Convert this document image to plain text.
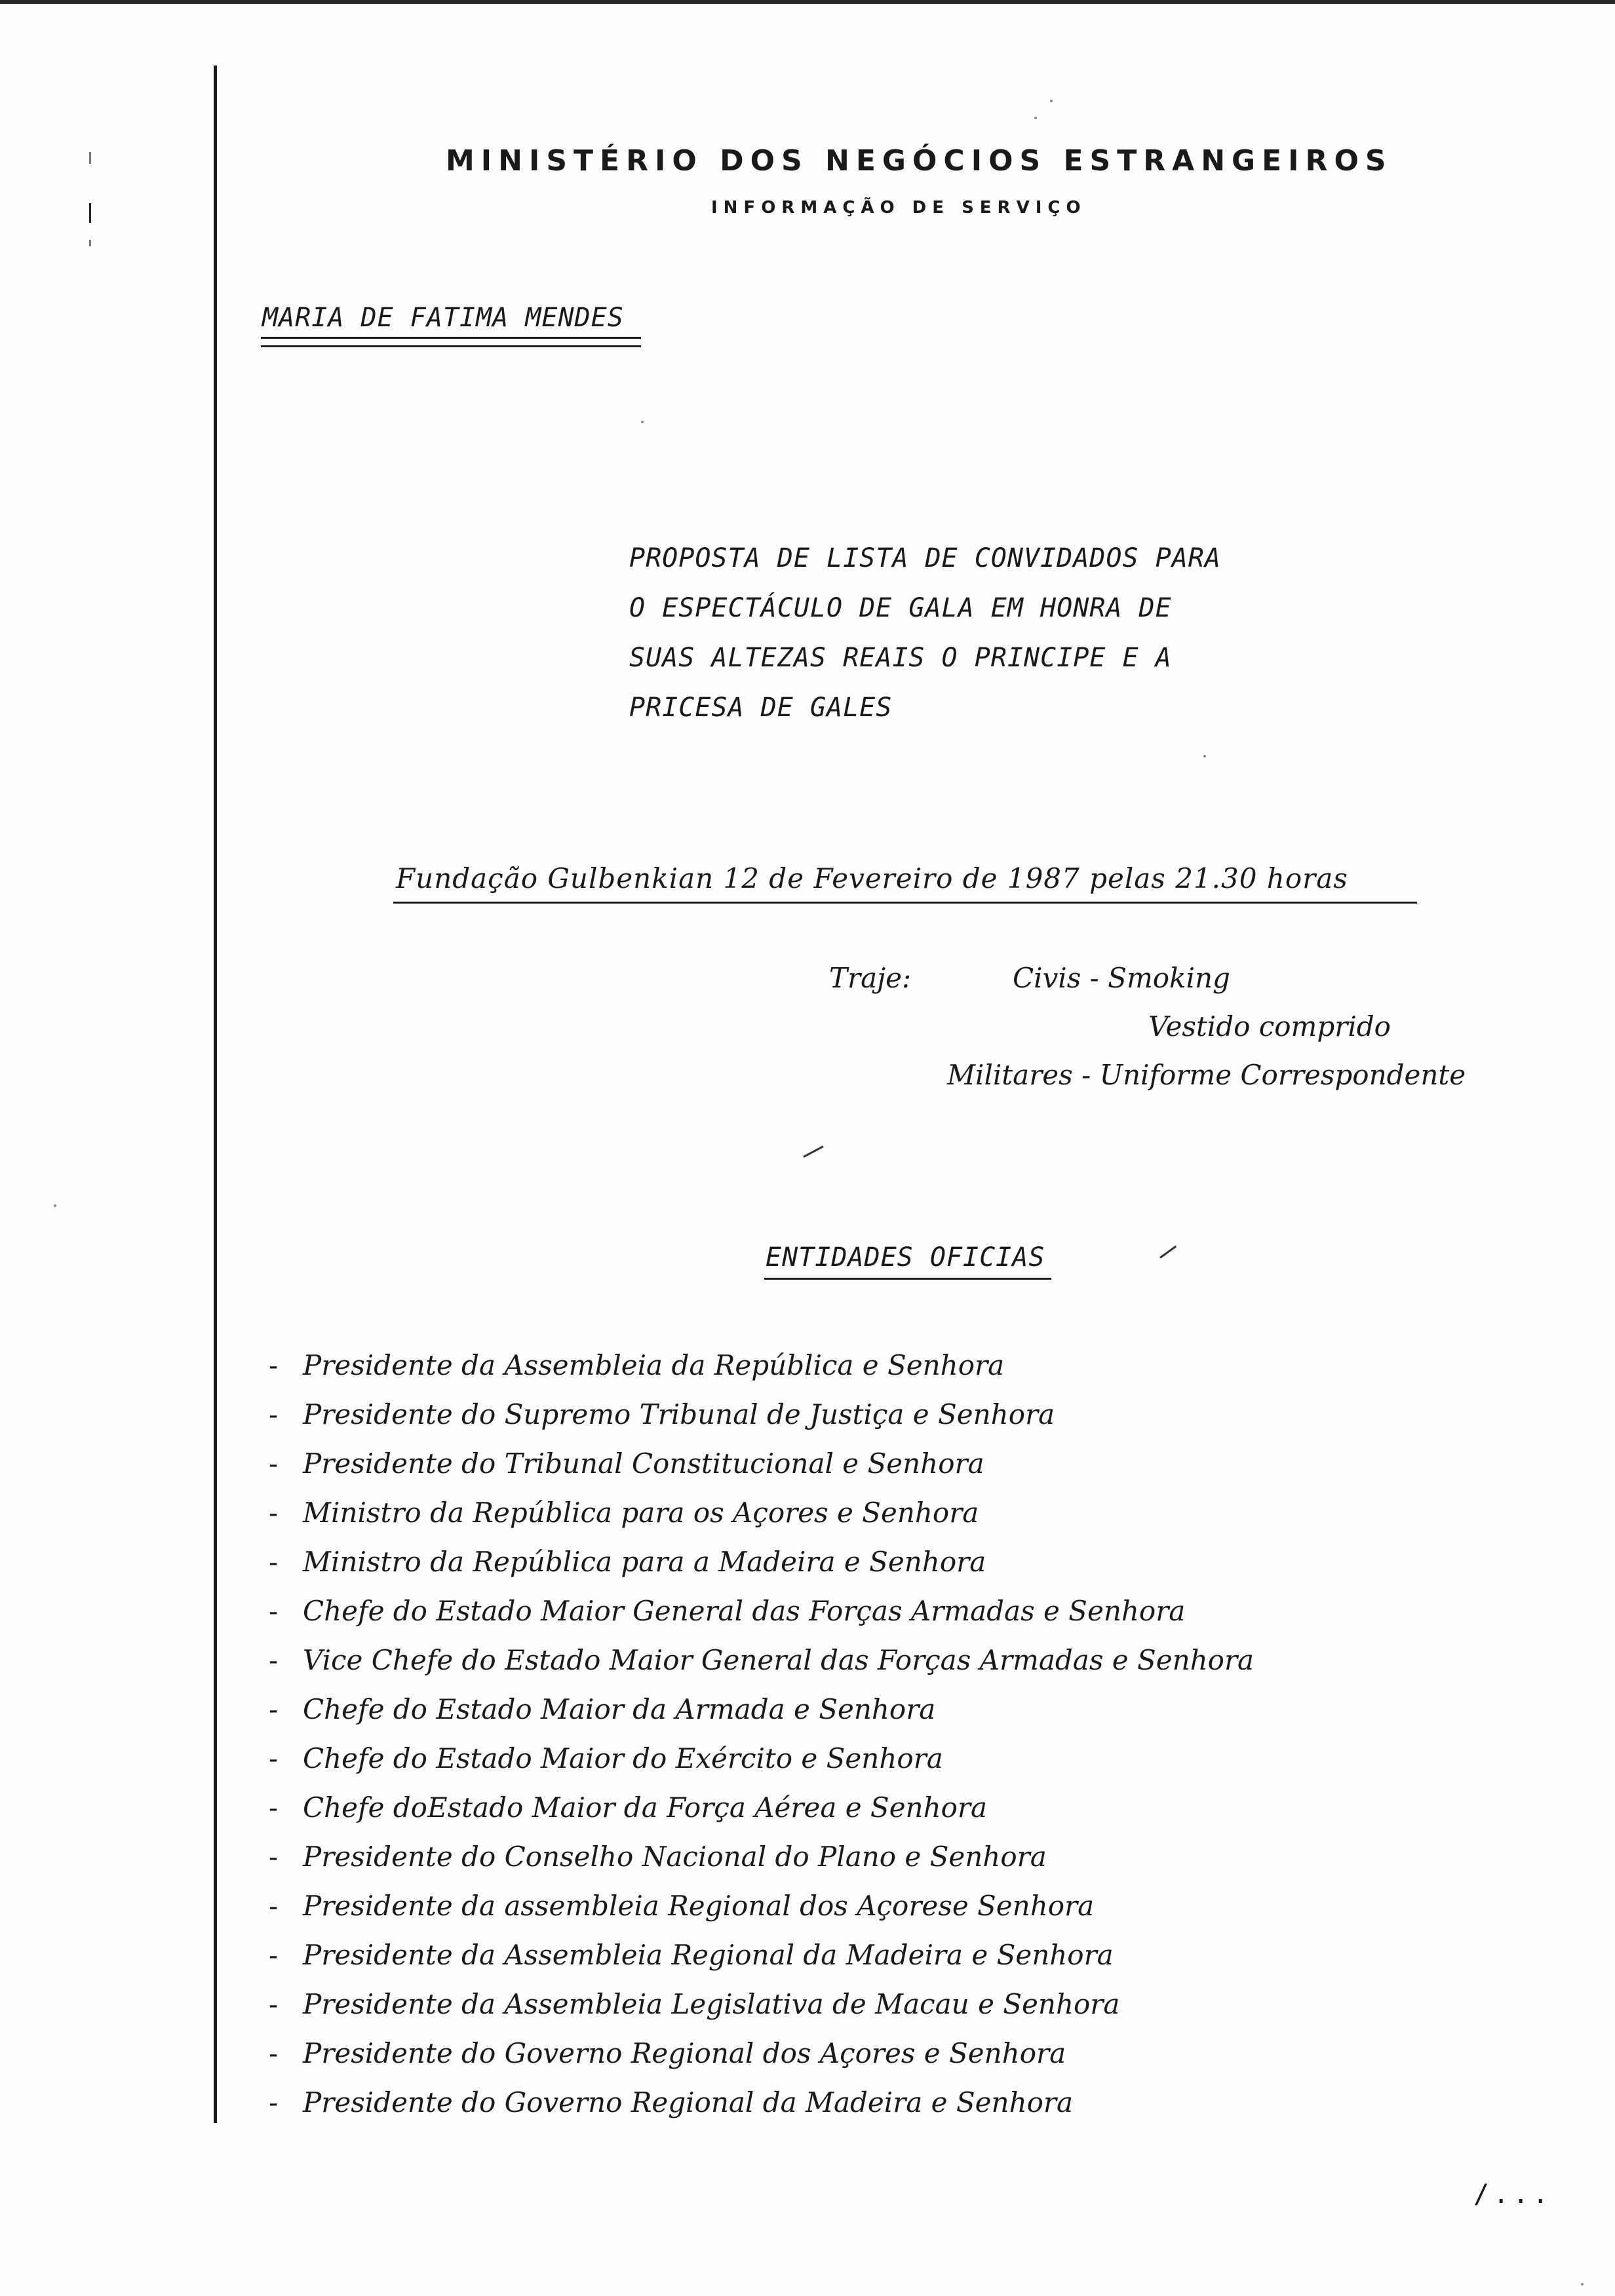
MINISTÉRIO DOS NEGÓCIOS ESTRANGEIROS
INFORMAÇÃO DE SERVIÇO
MARIA DE FATIMA MENDES
PROPOSTA DE LISTA DE CONVIDADOS PARA
O ESPECTÁCULO DE GALA EM HONRA DE
SUAS ALTEZAS REAIS O PRINCIPE E A
PRICESA DE GALES
Fundação Gulbenkian 12 de Fevereiro de 1987 pelas 21.30 horas
Traje:	Civis - Smoking
Vestido comprido
Militares - Uniforme Correspondente
ENTIDADES OFICIAS
- Presidente da Assembleia da República e Senhora
- Presidente do Supremo Tribunal de Justiça e Senhora
- Presidente do Tribunal Constitucional e Senhora
- Ministro da República para os Açores e Senhora
- Ministro da República para a Madeira e Senhora
- Chefe do Estado Maior General das Forças Armadas e Senhora
- Vice Chefe do Estado Maior General das Forças Armadas e Senhora
- Chefe do Estado Maior da Armada e Senhora
- Chefe do Estado Maior do Exército e Senhora
- Chefe doEstado Maior da Força Aérea e Senhora
- Presidente do Conselho Nacional do Plano e Senhora
- Presidente da assembleia Regional dos Açorese Senhora
- Presidente da Assembleia Regional da Madeira e Senhora
- Presidente da Assembleia Legislativa de Macau e Senhora
- Presidente do Governo Regional dos Açores e Senhora
- Presidente do Governo Regional da Madeira e Senhora
/...
